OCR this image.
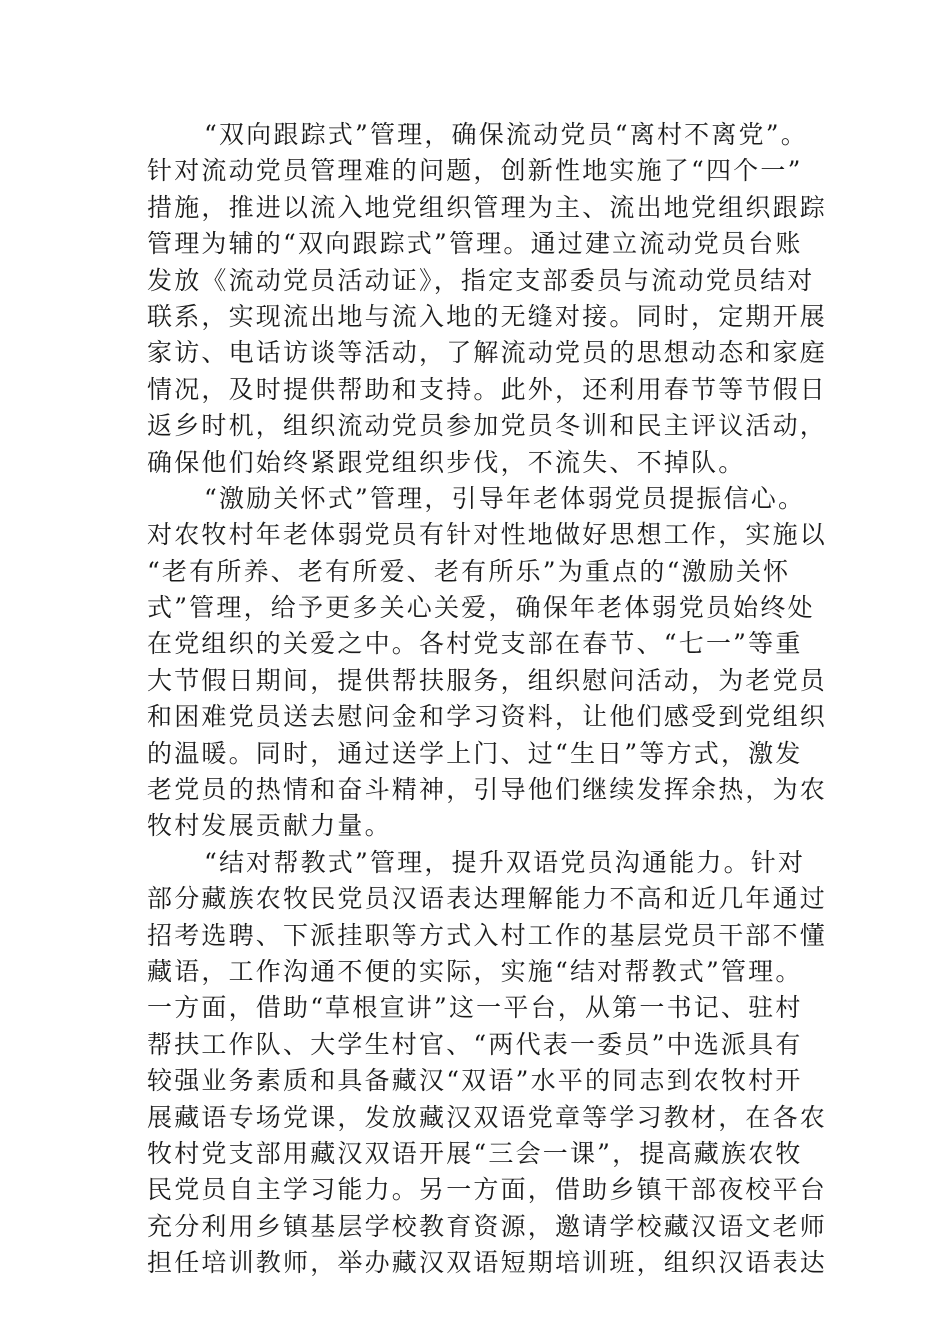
“双向跟踪式”管理，确保流动党员“离村不离党”。
针对流动党员管理难的问题，创新性地实施了“四个一”
措施，推进以流入地党组织管理为主、流出地党组织跟踪
管理为辅的“双向跟踪式”管理。通过建立流动党员台账
发放《流动党员活动证》，指定支部委员与流动党员结对
联系，实现流出地与流入地的无缝对接。同时，定期开展
家访、电话访谈等活动，了解流动党员的思想动态和家庭
情况，及时提供帮助和支持。此外，还利用春节等节假日
返乡时机，组织流动党员参加党员冬训和民主评议活动，
确保他们始终紧跟党组织步伐，不流失、不掉队。
“激励关怀式”管理，引导年老体弱党员提振信心。
对农牧村年老体弱党员有针对性地做好思想工作，实施以
“老有所养、老有所爱、老有所乐”为重点的“激励关怀
式”管理，给予更多关心关爱，确保年老体弱党员始终处
在党组织的关爱之中。各村党支部在春节、“七一”等重
大节假日期间，提供帮扶服务，组织慰问活动，为老党员
和困难党员送去慰问金和学习资料，让他们感受到党组织
的温暖。同时，通过送学上门、过“生日”等方式，激发
老党员的热情和奋斗精神，引导他们继续发挥余热，为农
牧村发展贡献力量。
“结对帮教式”管理，提升双语党员沟通能力。针对
部分藏族农牧民党员汉语表达理解能力不高和近几年通过
招考选聘、下派挂职等方式入村工作的基层党员干部不懂
藏语，工作沟通不便的实际，实施“结对帮教式”管理。
一方面，借助“草根宣讲”这一平台，从第一书记、驻村
帮扶工作队、大学生村官、“两代表一委员”中选派具有
较强业务素质和具备藏汉“双语”水平的同志到农牧村开
展藏语专场党课，发放藏汉双语党章等学习教材，在各农
牧村党支部用藏汉双语开展“三会一课”，提高藏族农牧
民党员自主学习能力。另一方面，借助乡镇干部夜校平台
充分利用乡镇基层学校教育资源，邀请学校藏汉语文老师
担任培训教师，举办藏汉双语短期培训班，组织汉语表达
